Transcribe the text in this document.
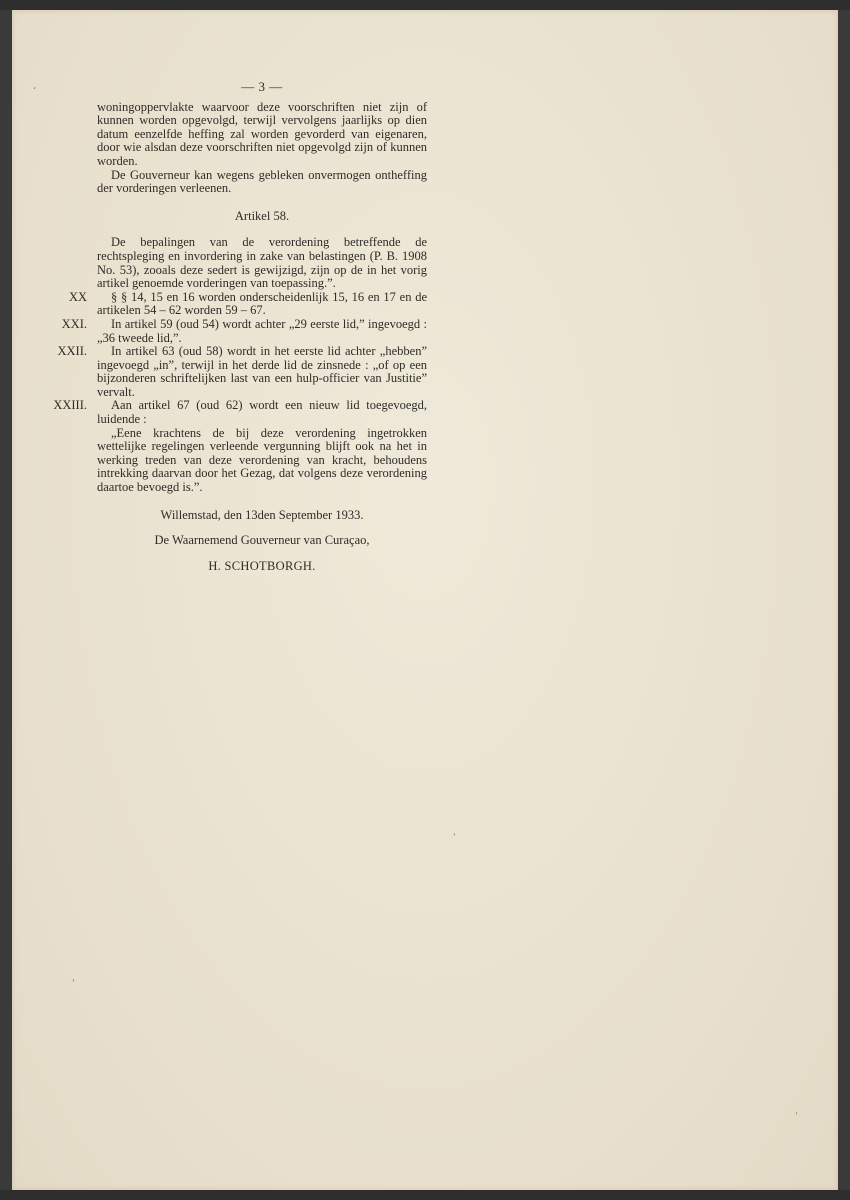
ˏ
ˌ
ˌ
ˌ
— 3 —

woningoppervlakte waarvoor deze voorschriften niet zijn of kunnen worden opgevolgd, terwijl vervolgens jaarlijks op dien datum eenzelfde heffing zal worden gevorderd van eigenaren, door wie alsdan deze voorschriften niet opgevolgd zijn of kunnen worden.

De Gouverneur kan wegens gebleken onvermogen ontheffing der vorderingen verleenen.

Artikel 58.

De bepalingen van de verordening betreffende de rechtspleging en invordering in zake van belastingen (P. B. 1908 No. 53), zooals deze sedert is gewijzigd, zijn op de in het vorig artikel genoemde vorderingen van toepassing.”.

XX § § 14, 15 en 16 worden onderscheidenlijk 15, 16 en 17 en de artikelen 54 – 62 worden 59 – 67.
XXI. In artikel 59 (oud 54) wordt achter „29 eerste lid,” ingevoegd : „36 tweede lid,”.
XXII. In artikel 63 (oud 58) wordt in het eerste lid achter „hebben” ingevoegd „in”, terwijl in het derde lid de zinsnede : „of op een bijzonderen schriftelijken last van een hulp-officier van Justitie” vervalt.
XXIII. Aan artikel 67 (oud 62) wordt een nieuw lid toegevoegd, luidende :

„Eene krachtens de bij deze verordening ingetrokken wettelijke regelingen verleende vergunning blijft ook na het in werking treden van deze verordening van kracht, behoudens intrekking daarvan door het Gezag, dat volgens deze verordening daartoe bevoegd is.”.

Willemstad, den 13den September 1933.
De Waarnemend Gouverneur van Curaçao,
H. SCHOTBORGH.
